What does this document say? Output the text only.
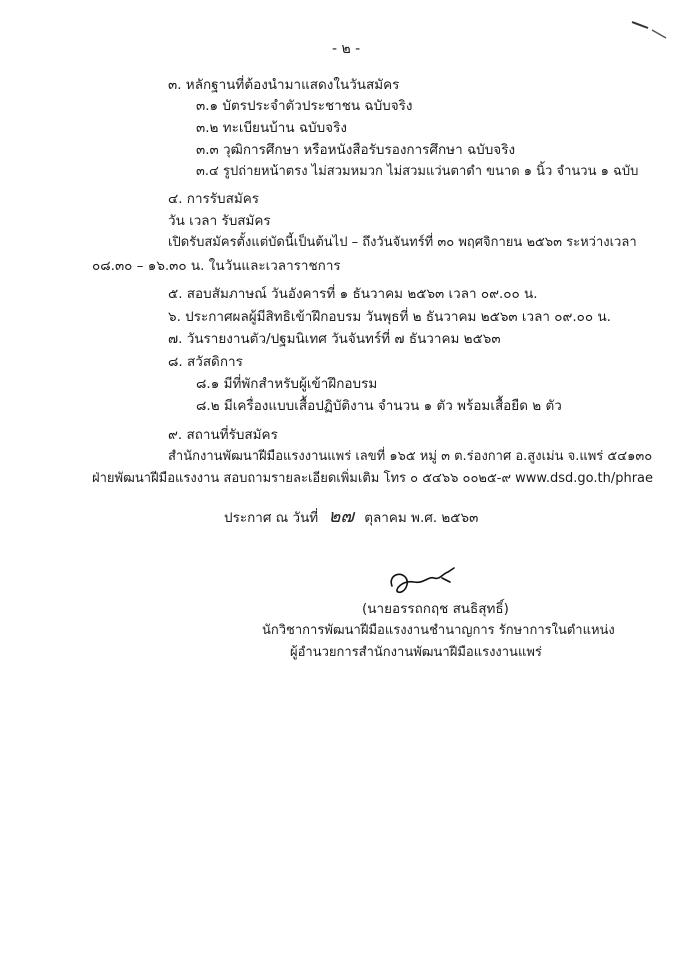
- ๒ -
๓. หลักฐานที่ต้องนำมาแสดงในวันสมัคร
๓.๑ บัตรประจำตัวประชาชน ฉบับจริง
๓.๒ ทะเบียนบ้าน ฉบับจริง
๓.๓ วุฒิการศึกษา หรือหนังสือรับรองการศึกษา ฉบับจริง
๓.๔ รูปถ่ายหน้าตรง ไม่สวมหมวก ไม่สวมแว่นตาดำ ขนาด ๑ นิ้ว จำนวน ๑ ฉบับ
๔. การรับสมัคร
วัน เวลา รับสมัคร
เปิดรับสมัครตั้งแต่บัดนี้เป็นต้นไป – ถึงวันจันทร์ที่ ๓๐ พฤศจิกายน ๒๕๖๓ ระหว่างเวลา
๐๘.๓๐ – ๑๖.๓๐ น. ในวันและเวลาราชการ
๕. สอบสัมภาษณ์ วันอังคารที่ ๑ ธันวาคม ๒๕๖๓ เวลา ๐๙.๐๐ น.
๖. ประกาศผลผู้มีสิทธิเข้าฝึกอบรม วันพุธที่ ๒ ธันวาคม ๒๕๖๓ เวลา ๐๙.๐๐ น.
๗. วันรายงานตัว/ปฐมนิเทศ วันจันทร์ที่ ๗ ธันวาคม ๒๕๖๓
๘. สวัสดิการ
๘.๑ มีที่พักสำหรับผู้เข้าฝึกอบรม
๘.๒ มีเครื่องแบบเสื้อปฏิบัติงาน จำนวน ๑ ตัว พร้อมเสื้อยืด ๒ ตัว
๙. สถานที่รับสมัคร
สำนักงานพัฒนาฝีมือแรงงานแพร่ เลขที่ ๑๖๕ หมู่ ๓ ต.ร่องกาศ อ.สูงเม่น จ.แพร่ ๕๔๑๓๐
ฝ่ายพัฒนาฝีมือแรงงาน สอบถามรายละเอียดเพิ่มเติม โทร ๐ ๕๔๖๖ ๐๐๒๕-๙ www.dsd.go.th/phrae
ประกาศ ณ วันที่ ๒๗ ตุลาคม พ.ศ. ๒๕๖๓
(นายอรรถกฤช สนธิสุทธิ์)
นักวิชาการพัฒนาฝีมือแรงงานชำนาญการ รักษาการในตำแหน่ง
ผู้อำนวยการสำนักงานพัฒนาฝีมือแรงงานแพร่
